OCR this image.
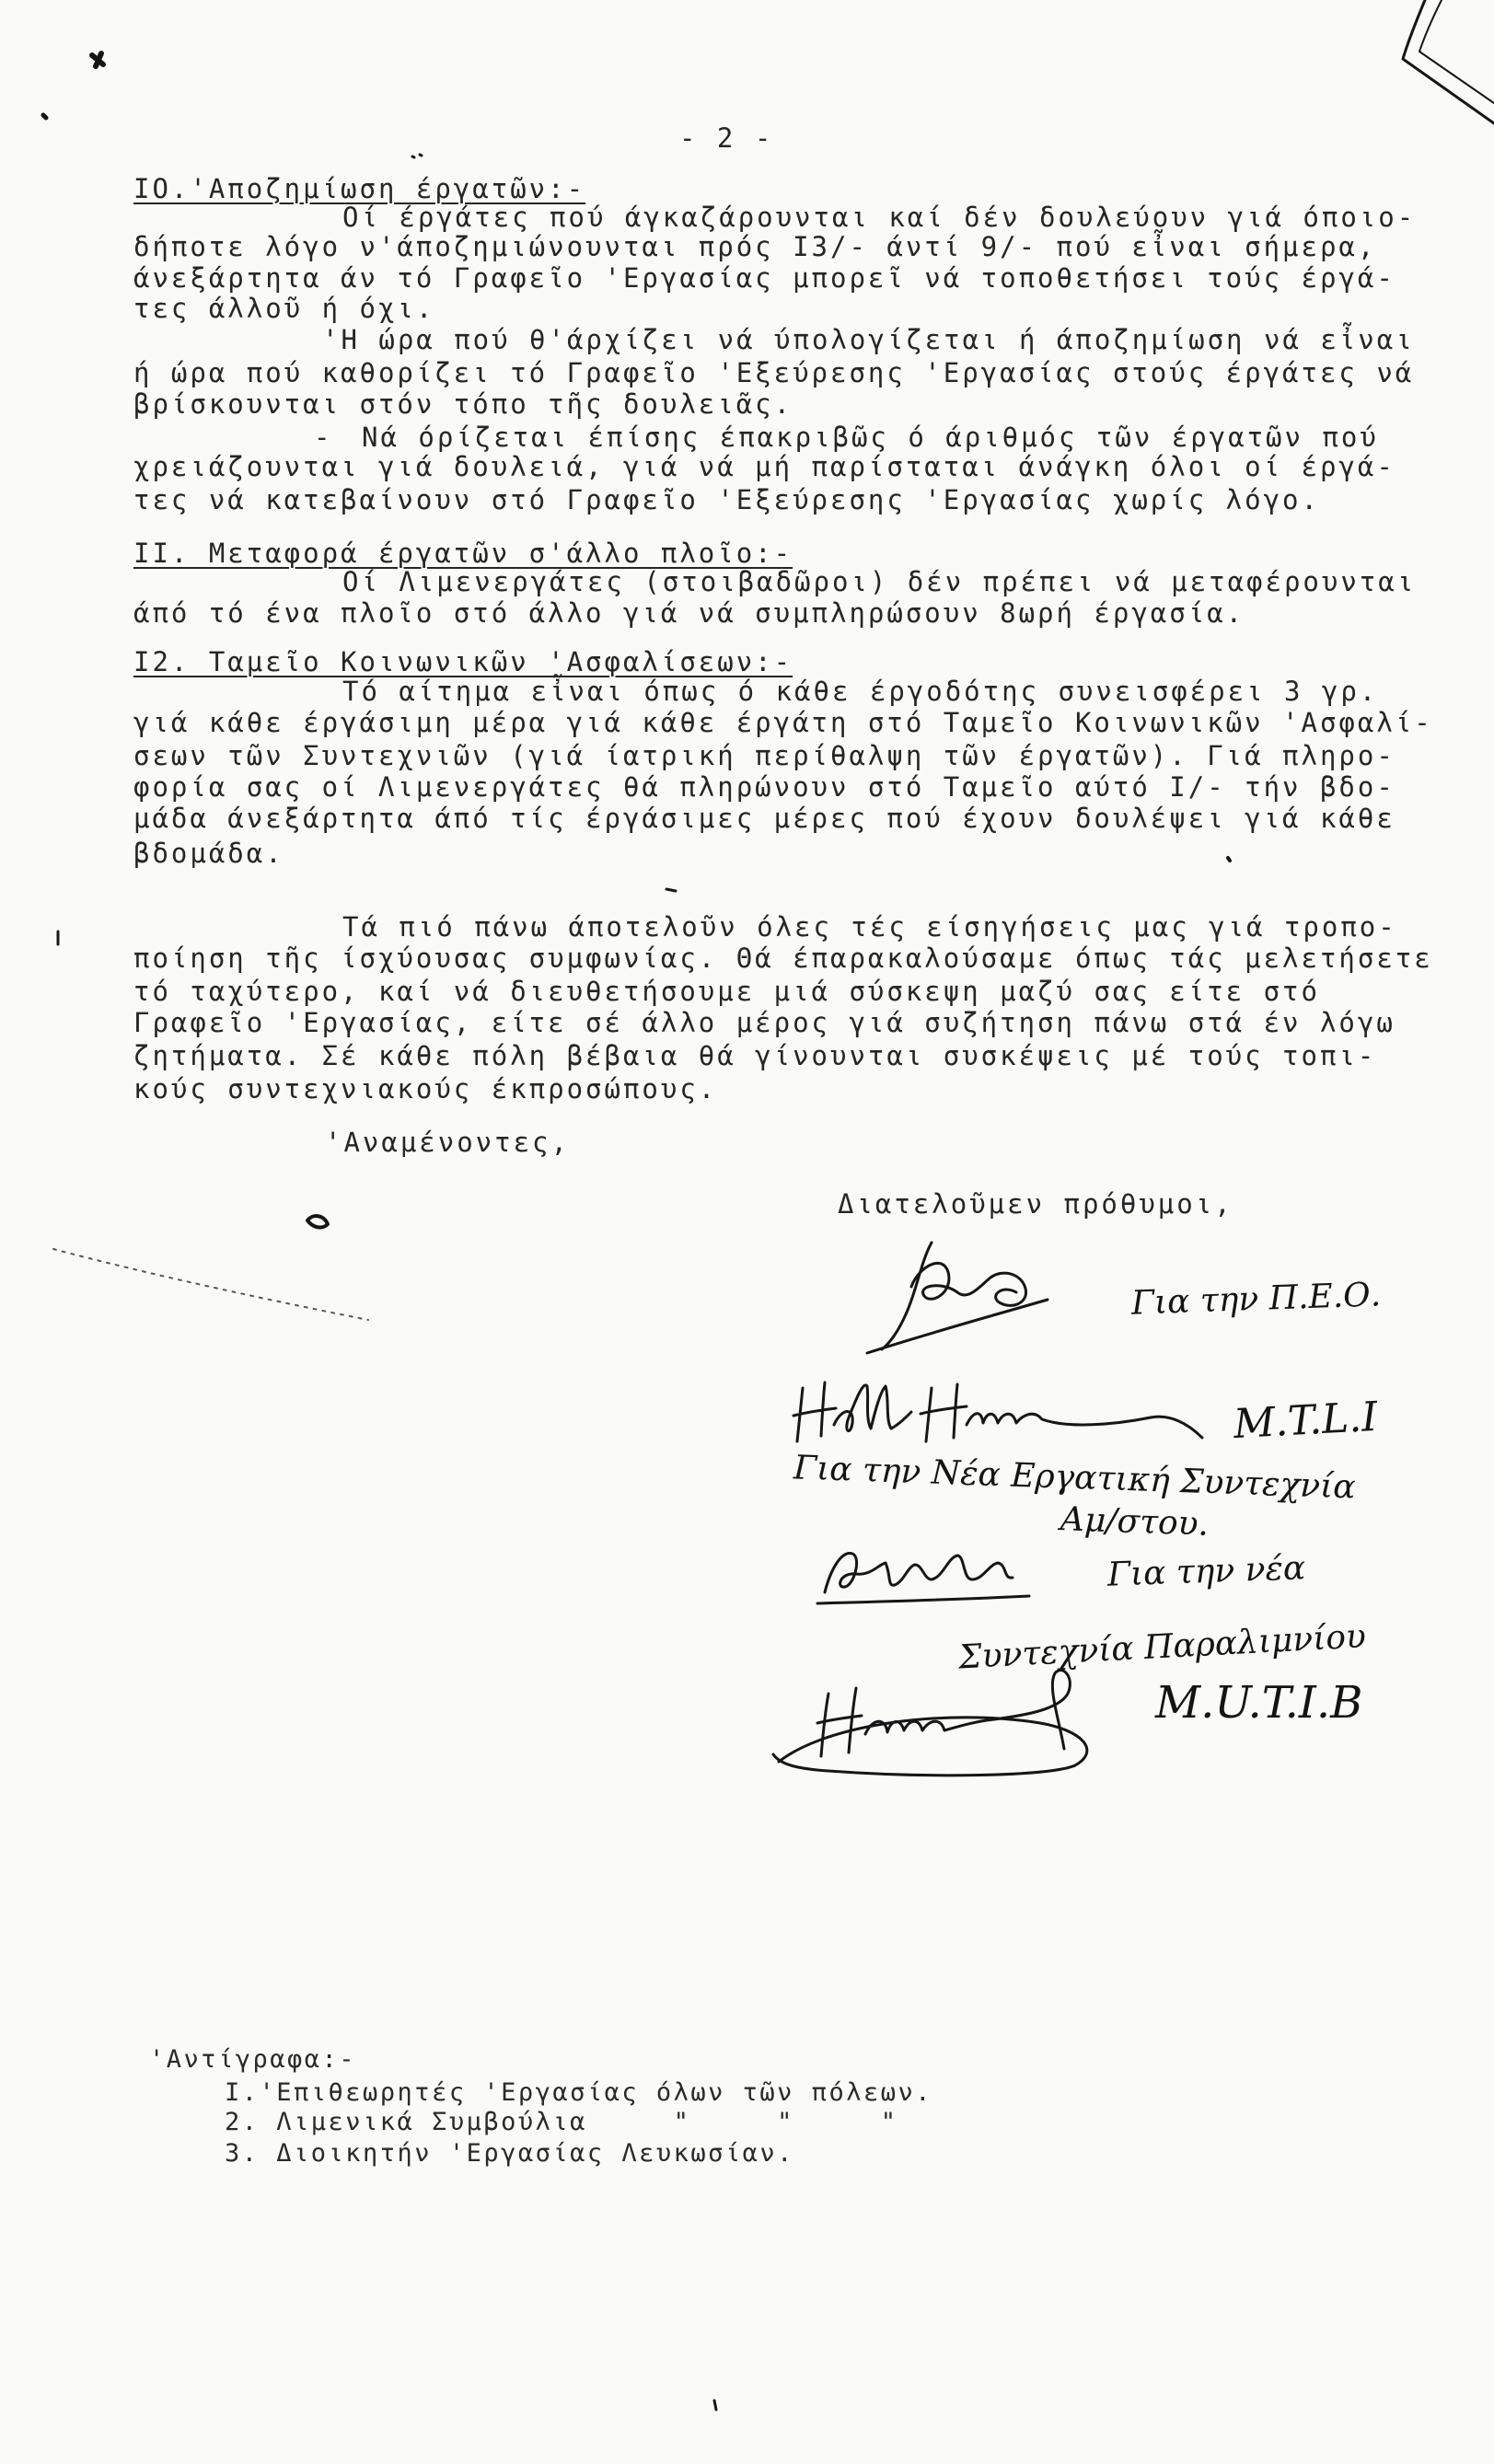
- 2 -
IO.'Αποζημίωση έργατῶν:-
Οί έργάτες πού άγκαζάρουνται καί δέν δουλεύουν γιά όποιο-
δήποτε λόγο ν'άποζημιώνουνται πρός I3/- άντί 9/- πού εἶναι σήμερα,
άνεξάρτητα άν τό Γραφεῖο 'Εργασίας μπορεῖ νά τοποθετήσει τούς έργά-
τες άλλοῦ ή όχι.
'Η ώρα πού θ'άρχίζει νά ύπολογίζεται ή άποζημίωση νά εἶναι
ή ώρα πού καθορίζει τό Γραφεῖο 'Εξεύρεσης 'Εργασίας στούς έργάτες νά
βρίσκουνται στόν τόπο τῆς δουλειᾶς.
- Νά όρίζεται έπίσης έπακριβῶς ό άριθμός τῶν έργατῶν πού
χρειάζουνται γιά δουλειά, γιά νά μή παρίσταται άνάγκη όλοι οί έργά-
τες νά κατεβαίνουν στό Γραφεῖο 'Εξεύρεσης 'Εργασίας χωρίς λόγο.
II. Μεταφορά έργατῶν σ'άλλο πλοῖο:-
Οί Λιμενεργάτες (στοιβαδῶροι) δέν πρέπει νά μεταφέρουνται
άπό τό ένα πλοῖο στό άλλο γιά νά συμπληρώσουν 8ωρή έργασία.
I2. Ταμεῖο Κοινωνικῶν 'Ασφαλίσεων:-
Τό αίτημα εἶναι όπως ό κάθε έργοδότης συνεισφέρει 3 γρ.
γιά κάθε έργάσιμη μέρα γιά κάθε έργάτη στό Ταμεῖο Κοινωνικῶν 'Ασφαλί-
σεων τῶν Συντεχνιῶν (γιά ίατρική περίθαλψη τῶν έργατῶν). Γιά πληρο-
φορία σας οί Λιμενεργάτες θά πληρώνουν στό Ταμεῖο αύτό I/- τήν βδο-
μάδα άνεξάρτητα άπό τίς έργάσιμες μέρες πού έχουν δουλέψει γιά κάθε
βδομάδα.
Τά πιό πάνω άποτελοῦν όλες τές είσηγήσεις μας γιά τροπο-
ποίηση τῆς ίσχύουσας συμφωνίας. Θά έπαρακαλούσαμε όπως τάς μελετήσετε
τό ταχύτερο, καί νά διευθετήσουμε μιά σύσκεψη μαζύ σας είτε στό
Γραφεῖο 'Εργασίας, είτε σέ άλλο μέρος γιά συζήτηση πάνω στά έν λόγω
ζητήματα. Σέ κάθε πόλη βέβαια θά γίνουνται συσκέψεις μέ τούς τοπι-
κούς συντεχνιακούς έκπροσώπους.
'Αναμένοντες,
Διατελοῦμεν πρόθυμοι,
Για την Π.Ε.Ο.
M.T.L.I
Για την Νέα Εργατική Συντεχνία
Αμ/στου.
Για την νέα
Συντεχνία Παραλιμνίου
M.U.T.I.B
'Αντίγραφα:-
I.'Επιθεωρητές 'Εργασίας όλων τῶν πόλεων.
2. Λιμενικά Συμβούλια     "     "     "
3. Διοικητήν 'Εργασίας Λευκωσίαν.
